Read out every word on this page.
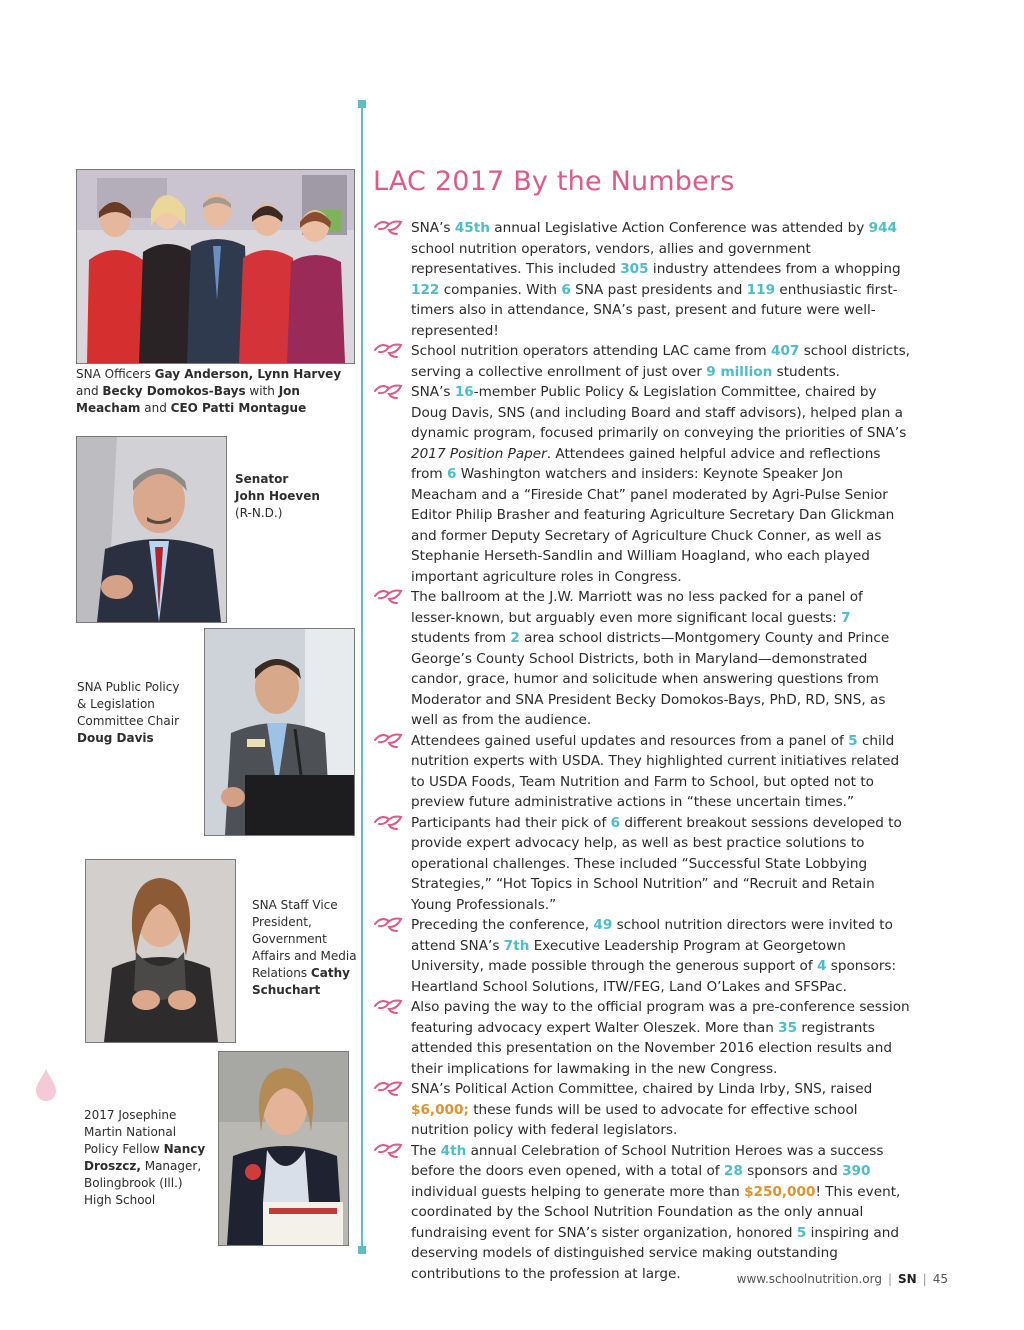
SNA Officers Gay Anderson, Lynn Harvey and Becky Domokos-Bays with Jon Meacham and CEO Patti Montague
Senator
John Hoeven
(R-N.D.)
SNA Public Policy
& Legislation
Committee Chair
Doug Davis
SNA Staff Vice
President,
Government
Affairs and Media
Relations Cathy
Schuchart
2017 Josephine
Martin National
Policy Fellow Nancy
Droszcz, Manager,
Bolingbrook (Ill.)
High School
LAC 2017 By the Numbers

SNA’s 45th annual Legislative Action Conference was attended by 944 school nutrition operators, vendors, allies and government representatives. This included 305 industry attendees from a whopping 122 companies. With 6 SNA past presidents and 119 enthusiastic first-timers also in attendance, SNA’s past, present and future were well-represented!

School nutrition operators attending LAC came from 407 school districts, serving a collective enrollment of just over 9 million students.

SNA’s 16-member Public Policy & Legislation Committee, chaired by Doug Davis, SNS (and including Board and staff advisors), helped plan a dynamic program, focused primarily on conveying the priorities of SNA’s 2017 Position Paper. Attendees gained helpful advice and reflections from 6 Washington watchers and insiders: Keynote Speaker Jon Meacham and a “Fireside Chat” panel moderated by Agri-Pulse Senior Editor Philip Brasher and featuring Agriculture Secretary Dan Glickman and former Deputy Secretary of Agriculture Chuck Conner, as well as Stephanie Herseth-Sandlin and William Hoagland, who each played important agriculture roles in Congress.

The ballroom at the J.W. Marriott was no less packed for a panel of lesser-known, but arguably even more significant local guests: 7 students from 2 area school districts—Montgomery County and Prince George’s County School Districts, both in Maryland—demonstrated candor, grace, humor and solicitude when answering questions from Moderator and SNA President Becky Domokos-Bays, PhD, RD, SNS, as well as from the audience.

Attendees gained useful updates and resources from a panel of 5 child nutrition experts with USDA. They highlighted current initiatives related to USDA Foods, Team Nutrition and Farm to School, but opted not to preview future administrative actions in “these uncertain times.”

Participants had their pick of 6 different breakout sessions developed to provide expert advocacy help, as well as best practice solutions to operational challenges. These included “Successful State Lobbying Strategies,” “Hot Topics in School Nutrition” and “Recruit and Retain Young Professionals.”

Preceding the conference, 49 school nutrition directors were invited to attend SNA’s 7th Executive Leadership Program at Georgetown University, made possible through the generous support of 4 sponsors: Heartland School Solutions, ITW/FEG, Land O’Lakes and SFSPac.

Also paving the way to the official program was a pre-conference session featuring advocacy expert Walter Oleszek. More than 35 registrants attended this presentation on the November 2016 election results and their implications for lawmaking in the new Congress.

SNA’s Political Action Committee, chaired by Linda Irby, SNS, raised $6,000; these funds will be used to advocate for effective school nutrition policy with federal legislators.

The 4th annual Celebration of School Nutrition Heroes was a success before the doors even opened, with a total of 28 sponsors and 390 individual guests helping to generate more than $250,000! This event, coordinated by the School Nutrition Foundation as the only annual fundraising event for SNA’s sister organization, honored 5 inspiring and deserving models of distinguished service making outstanding contributions to the profession at large.	www.schoolnutrition.org | SN | 45
